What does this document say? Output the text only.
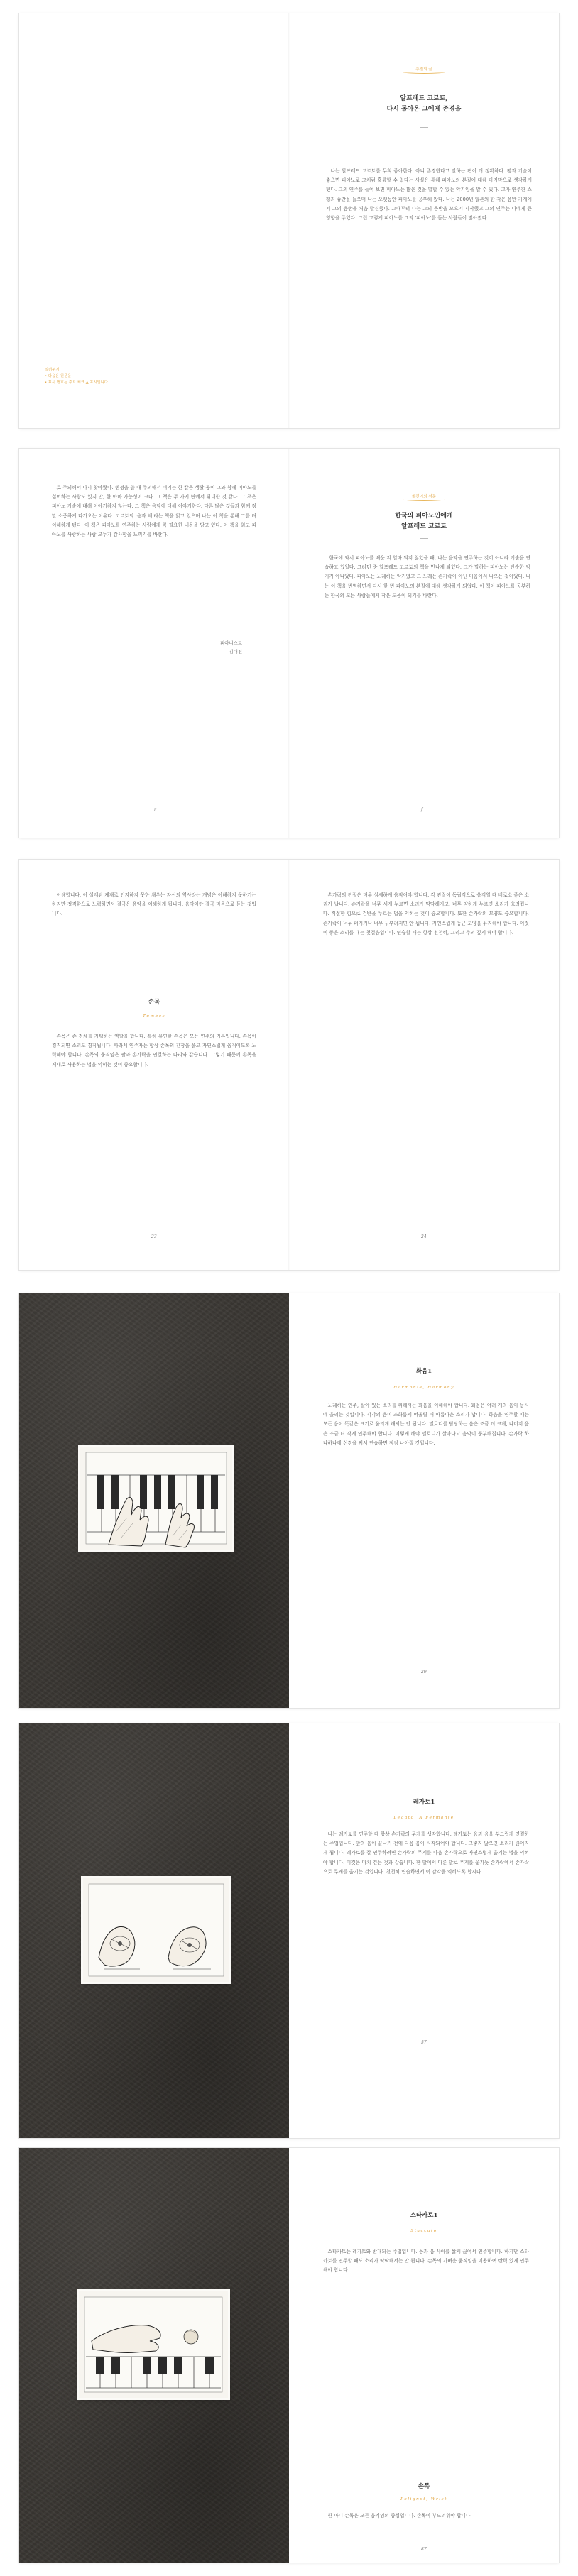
일러두기
• 다음은 원문을
• 표시 번호는 주요 체크 ▲ 표시입니다
추천의 글
알프레드 코르토,
다시 돌아온 그에게 존경을

나는 알프레드 코르토를 무척 좋아한다. 아니 존경한다고 말하는 편이 더 정확하다. 평과 기술이 좋으면 피아노로 그처럼 훌륭할 수 있다는 사실은 통해 피아노의 본질에 대해 마지막으로 생각하게 됐다. 그의 연주를 들어 보면 피아노는 많은 것을 말할 수 있는 악기임을 알 수 있다. 그가 연주한 쇼팽과 슈만을 들으며 나는 오랫동안 피아노를 공부해 왔다. 나는 2000년 일본의 한 작은 음반 가게에서 그의 음반을 처음 발견했다. 그때부터 나는 그의 음반을 모으기 시작했고 그의 연주는 나에게 큰 영향을 주었다. 그런 그렇게 피아노를 그의 '피아노'를 듣는 사람들이 많아졌다.

로 주의해서 다시 찾아봤다. 빈정을 쓸 때 주의해서 여기는 한 칼은 생활 동이 그와 함께 피아노를 싫어하는 사람도 있지 만, 한 아마 가능성이 크다. 그 책은 두 가지 면에서 위대한 것 같다. 그 책은 피아노 기술에 대해 이야기하지 않는다. 그 책은 음악에 대해 이야기한다. 다른 많은 것들과 함께 정말 소중하게 다가오는 이유다. 코르토의 '음과 해'라는 책을 읽고 있으며 나는 이 책을 통해 그를 더 이해하게 됐다. 이 책은 피아노를 연주하는 사람에게 꼭 필요한 내용을 담고 있다. 이 책을 읽고 피아노를 사랑하는 사람 모두가 감사함을 느끼기를 바란다.

피아니스트
김대진
𝑟
옮긴이의 서문
한국의 피아노인에게
알프레드 코르토

한국에 와서 피아노를 배운 지 얼마 되지 않았을 때, 나는 음악을 연주하는 것이 아니라 기술을 연습하고 있었다. 그러던 중 알프레드 코르토의 책을 만나게 되었다. 그가 말하는 피아노는 단순한 악기가 아니었다. 피아노는 노래하는 악기였고 그 노래는 손가락이 아닌 마음에서 나오는 것이었다. 나는 이 책을 번역하면서 다시 한 번 피아노의 본질에 대해 생각하게 되었다. 이 책이 피아노를 공부하는 한국의 모든 사람들에게 작은 도움이 되기를 바란다.

𝑓

이해합니다. 이 설계된 제재로 인지하지 못한 채우는 자신의 역사라는 개념은 이해하지 못하기는 하지만 정직함으로 노력하면서 결국은 음악을 이해하게 됩니다. 음악이란 결국 마음으로 듣는 것입니다.

손목
Tumbes

손목은 손 전체를 지탱하는 역할을 합니다. 특히 유연한 손목은 모든 연주의 기본입니다. 손목이 경직되면 소리도 경직됩니다. 따라서 연주자는 항상 손목의 긴장을 풀고 자연스럽게 움직이도록 노력해야 합니다. 손목의 움직임은 팔과 손가락을 연결하는 다리와 같습니다. 그렇기 때문에 손목을 제대로 사용하는 법을 익히는 것이 중요합니다.

23

손가락의 관절은 매우 섬세하게 움직여야 합니다. 각 관절이 독립적으로 움직일 때 비로소 좋은 소리가 납니다. 손가락을 너무 세게 누르면 소리가 딱딱해지고, 너무 약하게 누르면 소리가 흐려집니다. 적절한 힘으로 건반을 누르는 법을 익히는 것이 중요합니다. 또한 손가락의 모양도 중요합니다. 손가락이 너무 펴지거나 너무 구부러지면 안 됩니다. 자연스럽게 둥근 모양을 유지해야 합니다. 이것이 좋은 소리를 내는 첫걸음입니다. 연습할 때는 항상 천천히, 그리고 주의 깊게 해야 합니다.

24
화음1
Harmonie, Harmony

노래하는 연주, 살아 있는 소리를 위해서는 화음을 이해해야 합니다. 화음은 여러 개의 음이 동시에 울리는 것입니다. 각각의 음이 조화롭게 어울릴 때 아름다운 소리가 납니다. 화음을 연주할 때는 모든 음이 똑같은 크기로 울리게 해서는 안 됩니다. 멜로디를 담당하는 음은 조금 더 크게, 나머지 음은 조금 더 작게 연주해야 합니다. 이렇게 해야 멜로디가 살아나고 음악이 풍부해집니다. 손가락 하나하나에 신경을 써서 연습하면 점점 나아질 것입니다.

29
레가토1
Legato, A Fermante

나는 레가토를 연주할 때 항상 손가락의 무게를 생각합니다. 레가토는 음과 음을 부드럽게 연결하는 주법입니다. 앞의 음이 끝나기 전에 다음 음이 시작되어야 합니다. 그렇지 않으면 소리가 끊어지게 됩니다. 레가토를 잘 연주하려면 손가락의 무게를 다음 손가락으로 자연스럽게 옮기는 법을 익혀야 합니다. 이것은 마치 걷는 것과 같습니다. 한 발에서 다른 발로 무게를 옮기듯 손가락에서 손가락으로 무게를 옮기는 것입니다. 천천히 연습하면서 이 감각을 익히도록 합시다.

57
스타카토1
Staccato

스타카토는 레가토와 반대되는 주법입니다. 음과 음 사이를 짧게 끊어서 연주합니다. 하지만 스타카토를 연주할 때도 소리가 딱딱해서는 안 됩니다. 손목의 가벼운 움직임을 이용하여 탄력 있게 연주해야 합니다.

손목
Polignet, Wrist

한 마디 손목은 모든 움직임의 중심입니다. 손목이 부드러워야 합니다.

87
